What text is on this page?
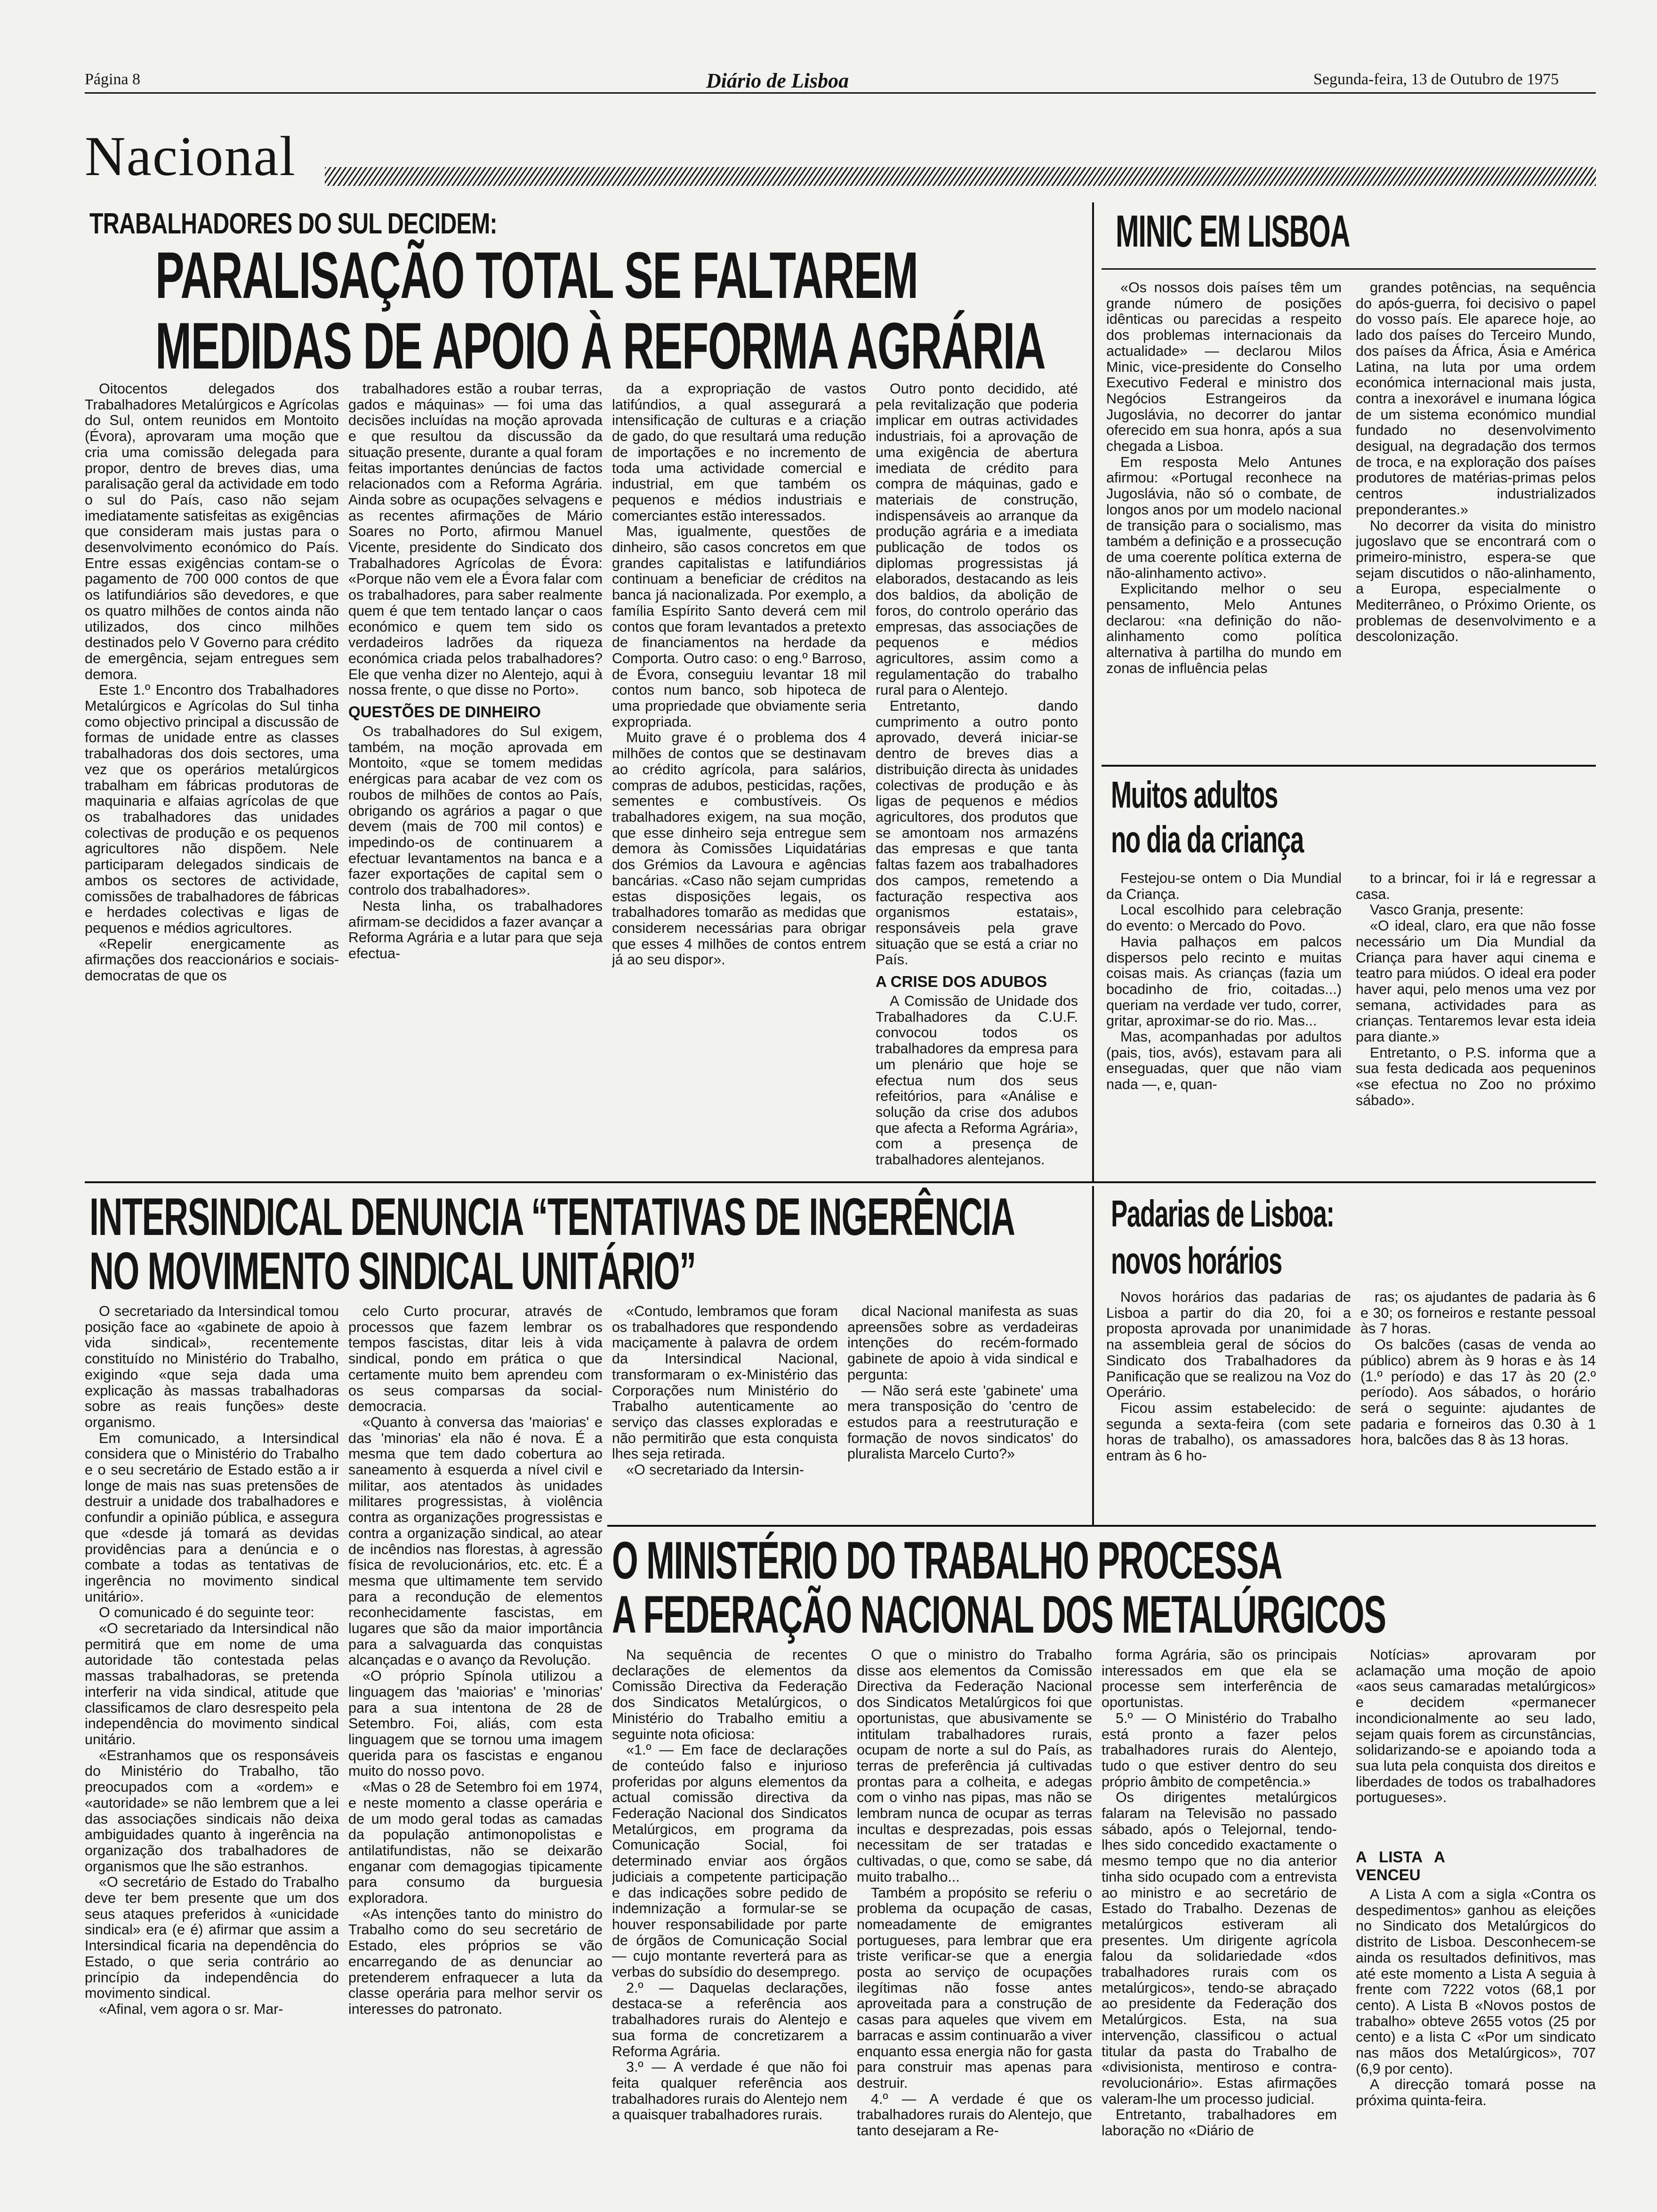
Página 8	Diário de Lisboa	Segunda-feira, 13 de Outubro de 1975
Nacional
TRABALHADORES DO SUL DECIDEM:
PARALISAÇÃO TOTAL SE FALTAREM
MEDIDAS DE APOIO À REFORMA AGRÁRIA

Oitocentos delegados dos Trabalhadores Metalúrgicos e Agrícolas do Sul, ontem reunidos em Montoito (Évora), aprovaram uma moção que cria uma comissão delegada para propor, dentro de breves dias, uma paralisação geral da actividade em todo o sul do País, caso não sejam imediatamente satisfeitas as exigências que consideram mais justas para o desenvolvimento económico do País. Entre essas exigências contam-se o pagamento de 700 000 contos de que os latifundiários são devedores, e que os quatro milhões de contos ainda não utilizados, dos cinco milhões destinados pelo V Governo para crédito de emergência, sejam entregues sem demora.

Este 1.º Encontro dos Trabalhadores Metalúrgicos e Agrícolas do Sul tinha como objectivo principal a discussão de formas de unidade entre as classes trabalhadoras dos dois sectores, uma vez que os operários metalúrgicos trabalham em fábricas produtoras de maquinaria e alfaias agrícolas de que os trabalhadores das unidades colectivas de produção e os pequenos agricultores não dispõem. Nele participaram delegados sindicais de ambos os sectores de actividade, comissões de trabalhadores de fábricas e herdades colectivas e ligas de pequenos e médios agricultores.

«Repelir energicamente as afirmações dos reaccionários e sociais-democratas de que os

trabalhadores estão a roubar terras, gados e máquinas» — foi uma das decisões incluídas na moção aprovada e que resultou da discussão da situação presente, durante a qual foram feitas importantes denúncias de factos relacionados com a Reforma Agrária. Ainda sobre as ocupações selvagens e as recentes afirmações de Mário Soares no Porto, afirmou Manuel Vicente, presidente do Sindicato dos Trabalhadores Agrícolas de Évora: «Porque não vem ele a Évora falar com os trabalhadores, para saber realmente quem é que tem tentado lançar o caos económico e quem tem sido os verdadeiros ladrões da riqueza económica criada pelos trabalhadores? Ele que venha dizer no Alentejo, aqui à nossa frente, o que disse no Porto».

QUESTÕES DE DINHEIRO

Os trabalhadores do Sul exigem, também, na moção aprovada em Montoito, «que se tomem medidas enérgicas para acabar de vez com os roubos de milhões de contos ao País, obrigando os agrários a pagar o que devem (mais de 700 mil contos) e impedindo-os de continuarem a efectuar levantamentos na banca e a fazer exportações de capital sem o controlo dos trabalhadores».

Nesta linha, os trabalhadores afirmam-se decididos a fazer avançar a Reforma Agrária e a lutar para que seja efectua-

da a expropriação de vastos latifúndios, a qual assegurará a intensificação de culturas e a criação de gado, do que resultará uma redução de importações e no incremento de toda uma actividade comercial e industrial, em que também os pequenos e médios industriais e comerciantes estão interessados.

Mas, igualmente, questões de dinheiro, são casos concretos em que grandes capitalistas e latifundiários continuam a beneficiar de créditos na banca já nacionalizada. Por exemplo, a família Espírito Santo deverá cem mil contos que foram levantados a pretexto de financiamentos na herdade da Comporta. Outro caso: o eng.º Barroso, de Évora, conseguiu levantar 18 mil contos num banco, sob hipoteca de uma propriedade que obviamente seria expropriada.

Muito grave é o problema dos 4 milhões de contos que se destinavam ao crédito agrícola, para salários, compras de adubos, pesticidas, rações, sementes e combustíveis. Os trabalhadores exigem, na sua moção, que esse dinheiro seja entregue sem demora às Comissões Liquidatárias dos Grémios da Lavoura e agências bancárias. «Caso não sejam cumpridas estas disposições legais, os trabalhadores tomarão as medidas que considerem necessárias para obrigar que esses 4 milhões de contos entrem já ao seu dispor».

Outro ponto decidido, até pela revitalização que poderia implicar em outras actividades industriais, foi a aprovação de uma exigência de abertura imediata de crédito para compra de máquinas, gado e materiais de construção, indispensáveis ao arranque da produção agrária e a imediata publicação de todos os diplomas progressistas já elaborados, destacando as leis dos baldios, da abolição de foros, do controlo operário das empresas, das associações de pequenos e médios agricultores, assim como a regulamentação do trabalho rural para o Alentejo.

Entretanto, dando cumprimento a outro ponto aprovado, deverá iniciar-se dentro de breves dias a distribuição directa às unidades colectivas de produção e às ligas de pequenos e médios agricultores, dos produtos que se amontoam nos armazéns das empresas e que tanta faltas fazem aos trabalhadores dos campos, remetendo a facturação respectiva aos organismos estatais», responsáveis pela grave situação que se está a criar no País.

A CRISE DOS ADUBOS

A Comissão de Unidade dos Trabalhadores da C.U.F. convocou todos os trabalhadores da empresa para um plenário que hoje se efectua num dos seus refeitórios, para «Análise e solução da crise dos adubos que afecta a Reforma Agrária», com a presença de trabalhadores alentejanos.

MINIC EM LISBOA

«Os nossos dois países têm um grande número de posições idênticas ou parecidas a respeito dos problemas internacionais da actualidade» — declarou Milos Minic, vice-presidente do Conselho Executivo Federal e ministro dos Negócios Estrangeiros da Jugoslávia, no decorrer do jantar oferecido em sua honra, após a sua chegada a Lisboa.

Em resposta Melo Antunes afirmou: «Portugal reconhece na Jugoslávia, não só o combate, de longos anos por um modelo nacional de transição para o socialismo, mas também a definição e a prossecução de uma coerente política externa de não-alinhamento activo».

Explicitando melhor o seu pensamento, Melo Antunes declarou: «na definição do não-alinhamento como política alternativa à partilha do mundo em zonas de influência pelas

grandes potências, na sequência do após-guerra, foi decisivo o papel do vosso país. Ele aparece hoje, ao lado dos países do Terceiro Mundo, dos países da África, Ásia e América Latina, na luta por uma ordem económica internacional mais justa, contra a inexorável e inumana lógica de um sistema económico mundial fundado no desenvolvimento desigual, na degradação dos termos de troca, e na exploração dos países produtores de matérias-primas pelos centros industrializados preponderantes.»

No decorrer da visita do ministro jugoslavo que se encontrará com o primeiro-ministro, espera-se que sejam discutidos o não-alinhamento, a Europa, especialmente o Mediterrâneo, o Próximo Oriente, os problemas de desenvolvimento e a descolonização.

Muitos adultos
no dia da criança

Festejou-se ontem o Dia Mundial da Criança.

Local escolhido para celebração do evento: o Mercado do Povo.

Havia palhaços em palcos dispersos pelo recinto e muitas coisas mais. As crianças (fazia um bocadinho de frio, coitadas...) queriam na verdade ver tudo, correr, gritar, aproximar-se do rio. Mas...

Mas, acompanhadas por adultos (pais, tios, avós), estavam para ali enseguadas, quer que não viam nada —, e, quan-

to a brincar, foi ir lá e regressar a casa.

Vasco Granja, presente:

«O ideal, claro, era que não fosse necessário um Dia Mundial da Criança para haver aqui cinema e teatro para miúdos. O ideal era poder haver aqui, pelo menos uma vez por semana, actividades para as crianças. Tentaremos levar esta ideia para diante.»

Entretanto, o P.S. informa que a sua festa dedicada aos pequeninos «se efectua no Zoo no próximo sábado».

INTERSINDICAL DENUNCIA “TENTATIVAS DE INGERÊNCIA
NO MOVIMENTO SINDICAL UNITÁRIO”

O secretariado da Intersindical tomou posição face ao «gabinete de apoio à vida sindical», recentemente constituído no Ministério do Trabalho, exigindo «que seja dada uma explicação às massas trabalhadoras sobre as reais funções» deste organismo.

Em comunicado, a Intersindical considera que o Ministério do Trabalho e o seu secretário de Estado estão a ir longe de mais nas suas pretensões de destruir a unidade dos trabalhadores e confundir a opinião pública, e assegura que «desde já tomará as devidas providências para a denúncia e o combate a todas as tentativas de ingerência no movimento sindical unitário».

O comunicado é do seguinte teor:

«O secretariado da Intersindical não permitirá que em nome de uma autoridade tão contestada pelas massas trabalhadoras, se pretenda interferir na vida sindical, atitude que classificamos de claro desrespeito pela independência do movimento sindical unitário.

«Estranhamos que os responsáveis do Ministério do Trabalho, tão preocupados com a «ordem» e «autoridade» se não lembrem que a lei das associações sindicais não deixa ambiguidades quanto à ingerência na organização dos trabalhadores de organismos que lhe são estranhos.

«O secretário de Estado do Trabalho deve ter bem presente que um dos seus ataques preferidos à «unicidade sindical» era (e é) afirmar que assim a Intersindical ficaria na dependência do Estado, o que seria contrário ao princípio da independência do movimento sindical.

«Afinal, vem agora o sr. Mar-

celo Curto procurar, através de processos que fazem lembrar os tempos fascistas, ditar leis à vida sindical, pondo em prática o que certamente muito bem aprendeu com os seus comparsas da social-democracia.

«Quanto à conversa das 'maiorias' e das 'minorias' ela não é nova. É a mesma que tem dado cobertura ao saneamento à esquerda a nível civil e militar, aos atentados às unidades militares progressistas, à violência contra as organizações progressistas e contra a organização sindical, ao atear de incêndios nas florestas, à agressão física de revolucionários, etc. etc. É a mesma que ultimamente tem servido para a recondução de elementos reconhecidamente fascistas, em lugares que são da maior importância para a salvaguarda das conquistas alcançadas e o avanço da Revolução.

«O próprio Spínola utilizou a linguagem das 'maiorias' e 'minorias' para a sua intentona de 28 de Setembro. Foi, aliás, com esta linguagem que se tornou uma imagem querida para os fascistas e enganou muito do nosso povo.

«Mas o 28 de Setembro foi em 1974, e neste momento a classe operária e de um modo geral todas as camadas da população antimonopolistas e antilatifundistas, não se deixarão enganar com demagogias tipicamente para consumo da burguesia exploradora.

«As intenções tanto do ministro do Trabalho como do seu secretário de Estado, eles próprios se vão encarregando de as denunciar ao pretenderem enfraquecer a luta da classe operária para melhor servir os interesses do patronato.

«Contudo, lembramos que foram os trabalhadores que respondendo maciçamente à palavra de ordem da Intersindical Nacional, transformaram o ex-Ministério das Corporações num Ministério do Trabalho autenticamente ao serviço das classes exploradas e não permitirão que esta conquista lhes seja retirada.

«O secretariado da Intersin-

dical Nacional manifesta as suas apreensões sobre as verdadeiras intenções do recém-formado gabinete de apoio à vida sindical e pergunta:

— Não será este 'gabinete' uma mera transposição do 'centro de estudos para a reestruturação e formação de novos sindicatos' do pluralista Marcelo Curto?»

Padarias de Lisboa:
novos horários

Novos horários das padarias de Lisboa a partir do dia 20, foi a proposta aprovada por unanimidade na assembleia geral de sócios do Sindicato dos Trabalhadores da Panificação que se realizou na Voz do Operário.

Ficou assim estabelecido: de segunda a sexta-feira (com sete horas de trabalho), os amassadores entram às 6 ho-

ras; os ajudantes de padaria às 6 e 30; os forneiros e restante pessoal às 7 horas.

Os balcões (casas de venda ao público) abrem às 9 horas e às 14 (1.º período) e das 17 às 20 (2.º período). Aos sábados, o horário será o seguinte: ajudantes de padaria e forneiros das 0.30 à 1 hora, balcões das 8 às 13 horas.

O MINISTÉRIO DO TRABALHO PROCESSA
A FEDERAÇÃO NACIONAL DOS METALÚRGICOS

Na sequência de recentes declarações de elementos da Comissão Directiva da Federação dos Sindicatos Metalúrgicos, o Ministério do Trabalho emitiu a seguinte nota oficiosa:

«1.º — Em face de declarações de conteúdo falso e injurioso proferidas por alguns elementos da actual comissão directiva da Federação Nacional dos Sindicatos Metalúrgicos, em programa da Comunicação Social, foi determinado enviar aos órgãos judiciais a competente participação e das indicações sobre pedido de indemnização a formular-se se houver responsabilidade por parte de órgãos de Comunicação Social — cujo montante reverterá para as verbas do subsídio do desemprego.

2.º — Daquelas declarações, destaca-se a referência aos trabalhadores rurais do Alentejo e sua forma de concretizarem a Reforma Agrária.

3.º — A verdade é que não foi feita qualquer referência aos trabalhadores rurais do Alentejo nem a quaisquer trabalhadores rurais.

O que o ministro do Trabalho disse aos elementos da Comissão Directiva da Federação Nacional dos Sindicatos Metalúrgicos foi que oportunistas, que abusivamente se intitulam trabalhadores rurais, ocupam de norte a sul do País, as terras de preferência já cultivadas prontas para a colheita, e adegas com o vinho nas pipas, mas não se lembram nunca de ocupar as terras incultas e desprezadas, pois essas necessitam de ser tratadas e cultivadas, o que, como se sabe, dá muito trabalho...

Também a propósito se referiu o problema da ocupação de casas, nomeadamente de emigrantes portugueses, para lembrar que era triste verificar-se que a energia posta ao serviço de ocupações ilegítimas não fosse antes aproveitada para a construção de casas para aqueles que vivem em barracas e assim continuarão a viver enquanto essa energia não for gasta para construir mas apenas para destruir.

4.º — A verdade é que os trabalhadores rurais do Alentejo, que tanto desejaram a Re-

forma Agrária, são os principais interessados em que ela se processe sem interferência de oportunistas.

5.º — O Ministério do Trabalho está pronto a fazer pelos trabalhadores rurais do Alentejo, tudo o que estiver dentro do seu próprio âmbito de competência.»

Os dirigentes metalúrgicos falaram na Televisão no passado sábado, após o Telejornal, tendo-lhes sido concedido exactamente o mesmo tempo que no dia anterior tinha sido ocupado com a entrevista ao ministro e ao secretário de Estado do Trabalho. Dezenas de metalúrgicos estiveram ali presentes. Um dirigente agrícola falou da solidariedade «dos trabalhadores rurais com os metalúrgicos», tendo-se abraçado ao presidente da Federação dos Metalúrgicos. Esta, na sua intervenção, classificou o actual titular da pasta do Trabalho de «divisionista, mentiroso e contra-revolucionário». Estas afirmações valeram-lhe um processo judicial.

Entretanto, trabalhadores em laboração no «Diário de

Notícias» aprovaram por aclamação uma moção de apoio «aos seus camaradas metalúrgicos» e decidem «permanecer incondicionalmente ao seu lado, sejam quais forem as circunstâncias, solidarizando-se e apoiando toda a sua luta pela conquista dos direitos e liberdades de todos os trabalhadores portugueses».

A LISTA A VENCEU

A Lista A com a sigla «Contra os despedimentos» ganhou as eleições no Sindicato dos Metalúrgicos do distrito de Lisboa. Desconhecem-se ainda os resultados definitivos, mas até este momento a Lista A seguia à frente com 7222 votos (68,1 por cento). A Lista B «Novos postos de trabalho» obteve 2655 votos (25 por cento) e a lista C «Por um sindicato nas mãos dos Metalúrgicos», 707 (6,9 por cento).

A direcção tomará posse na próxima quinta-feira.
